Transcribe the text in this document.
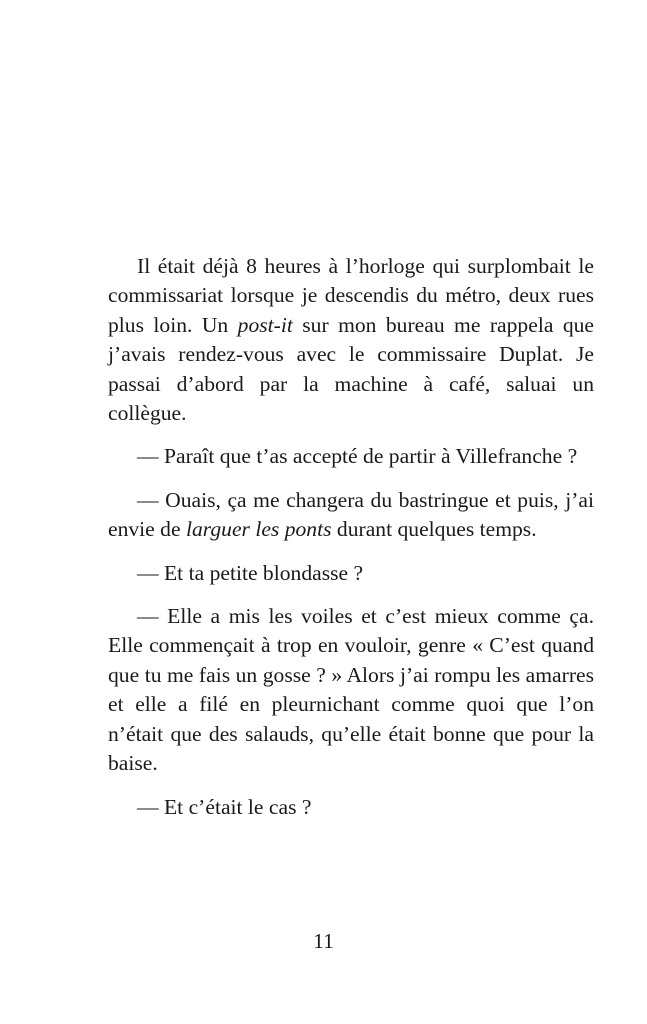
Il était déjà 8 heures à l’horloge qui surplombait le commissariat lorsque je descendis du métro, deux rues plus loin. Un post-it sur mon bureau me rappela que j’avais rendez-vous avec le commissaire Duplat. Je passai d’abord par la machine à café, saluai un collègue.

— Paraît que t’as accepté de partir à Villefranche ?

— Ouais, ça me changera du bastringue et puis, j’ai envie de larguer les ponts durant quelques temps.

— Et ta petite blondasse ?

— Elle a mis les voiles et c’est mieux comme ça. Elle commençait à trop en vouloir, genre « C’est quand que tu me fais un gosse ? » Alors j’ai rompu les amarres et elle a filé en pleurnichant comme quoi que l’on n’était que des salauds, qu’elle était bonne que pour la baise.

— Et c’était le cas ?

11
